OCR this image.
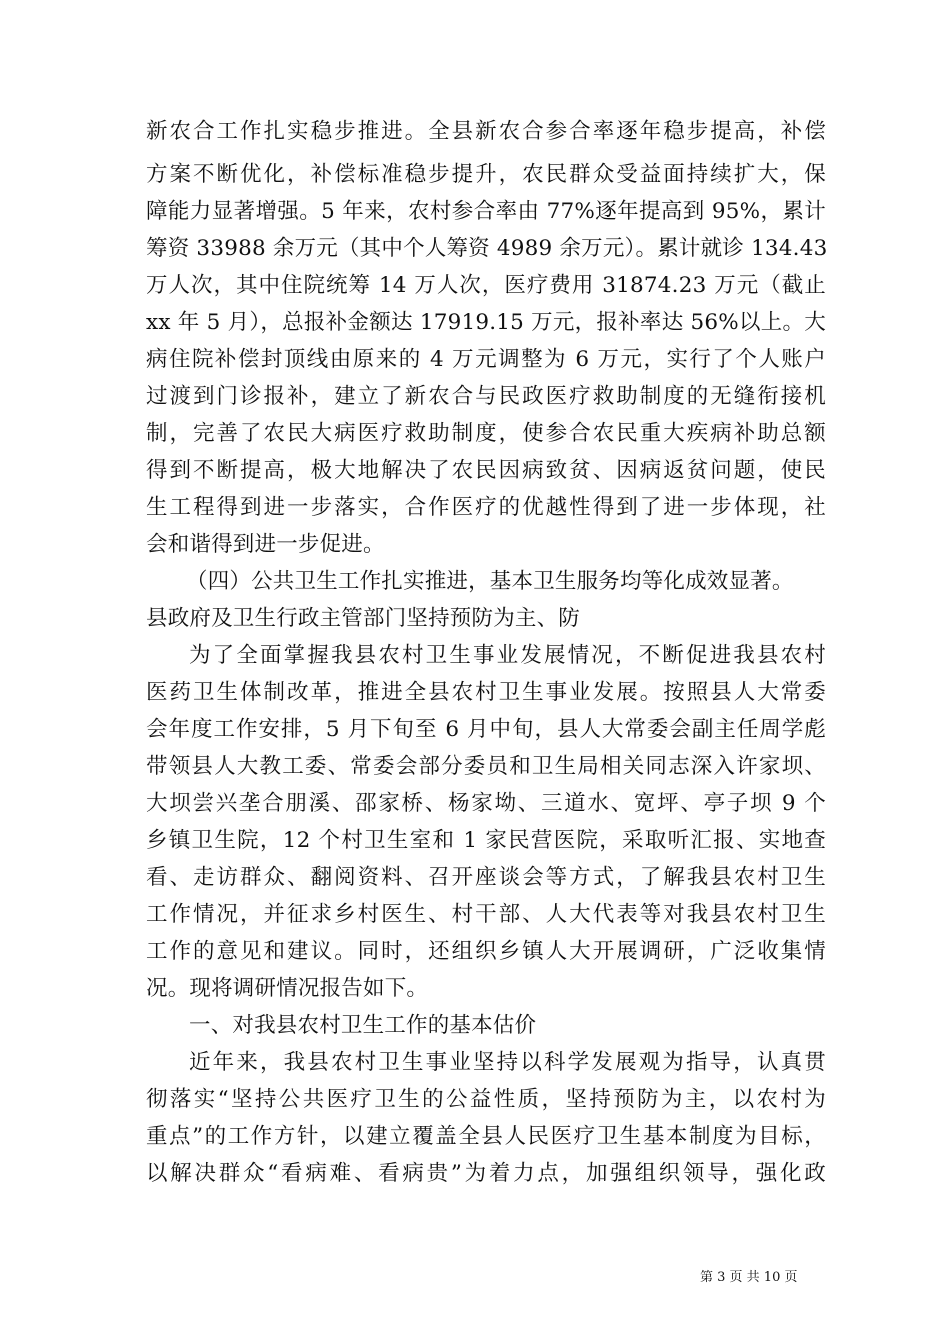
新农合工作扎实稳步推进。全县新农合参合率逐年稳步提高，补偿
方案不断优化，补偿标准稳步提升，农民群众受益面持续扩大，保
障能力显著增强。5 年来，农村参合率由 77%逐年提高到 95%，累计
筹资 33988 余万元（其中个人筹资 4989 余万元）。累计就诊 134.43
万人次，其中住院统筹 14 万人次，医疗费用 31874.23 万元（截止
xx 年 5 月），总报补金额达 17919.15 万元，报补率达 56%以上。大
病住院补偿封顶线由原来的 4 万元调整为 6 万元，实行了个人账户
过渡到门诊报补，建立了新农合与民政医疗救助制度的无缝衔接机
制，完善了农民大病医疗救助制度，使参合农民重大疾病补助总额
得到不断提高，极大地解决了农民因病致贫、因病返贫问题，使民
生工程得到进一步落实，合作医疗的优越性得到了进一步体现，社
会和谐得到进一步促进。
（四）公共卫生工作扎实推进，基本卫生服务均等化成效显著。
县政府及卫生行政主管部门坚持预防为主、防
为了全面掌握我县农村卫生事业发展情况，不断促进我县农村
医药卫生体制改革，推进全县农村卫生事业发展。按照县人大常委
会年度工作安排，5 月下旬至 6 月中旬，县人大常委会副主任周学彪
带领县人大教工委、常委会部分委员和卫生局相关同志深入许家坝、
大坝尝兴垄合朋溪、邵家桥、杨家坳、三道水、宽坪、亭子坝 9 个
乡镇卫生院，12 个村卫生室和 1 家民营医院，采取听汇报、实地查
看、走访群众、翻阅资料、召开座谈会等方式，了解我县农村卫生
工作情况，并征求乡村医生、村干部、人大代表等对我县农村卫生
工作的意见和建议。同时，还组织乡镇人大开展调研，广泛收集情
况。现将调研情况报告如下。
一、对我县农村卫生工作的基本估价
近年来，我县农村卫生事业坚持以科学发展观为指导，认真贯
彻落实“坚持公共医疗卫生的公益性质，坚持预防为主，以农村为
重点”的工作方针，以建立覆盖全县人民医疗卫生基本制度为目标，
以解决群众“看病难、看病贵”为着力点，加强组织领导，强化政
第 3 页 共 10 页
